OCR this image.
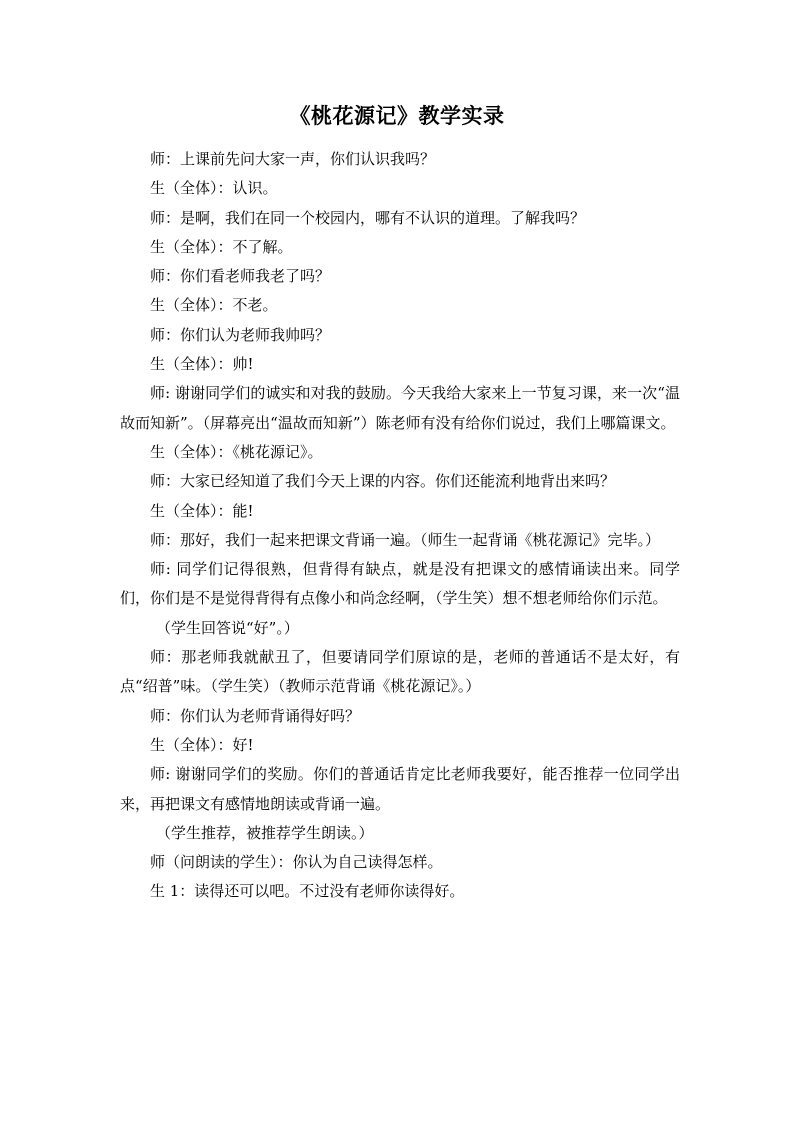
《桃花源记》教学实录

师：上课前先问大家一声，你们认识我吗？

生（全体）：认识。

师：是啊，我们在同一个校园内，哪有不认识的道理。了解我吗？

生（全体）：不了解。

师：你们看老师我老了吗？

生（全体）：不老。

师：你们认为老师我帅吗？

生（全体）：帅!

师: 谢谢同学们的诚实和对我的鼓励。今天我给大家来上一节复习课，来一次“温故而知新”。（屏幕亮出“温故而知新”）陈老师有没有给你们说过，我们上哪篇课文。

生（全体）：《桃花源记》。

师：大家已经知道了我们今天上课的内容。你们还能流利地背出来吗？

生（全体）：能!

师：那好，我们一起来把课文背诵一遍。（师生一起背诵《桃花源记》完毕。）

师: 同学们记得很熟，但背得有缺点，就是没有把课文的感情诵读出来。同学们，你们是不是觉得背得有点像小和尚念经啊，（学生笑）想不想老师给你们示范。

（学生回答说“好”。）

师：那老师我就献丑了，但要请同学们原谅的是，老师的普通话不是太好，有点“绍普”味。（学生笑）（教师示范背诵《桃花源记》。）

师：你们认为老师背诵得好吗？

生（全体）：好!

师: 谢谢同学们的奖励。你们的普通话肯定比老师我要好，能否推荐一位同学出来，再把课文有感情地朗读或背诵一遍。

（学生推荐，被推荐学生朗读。）

师（问朗读的学生）：你认为自己读得怎样。

生 1：读得还可以吧。不过没有老师你读得好。
